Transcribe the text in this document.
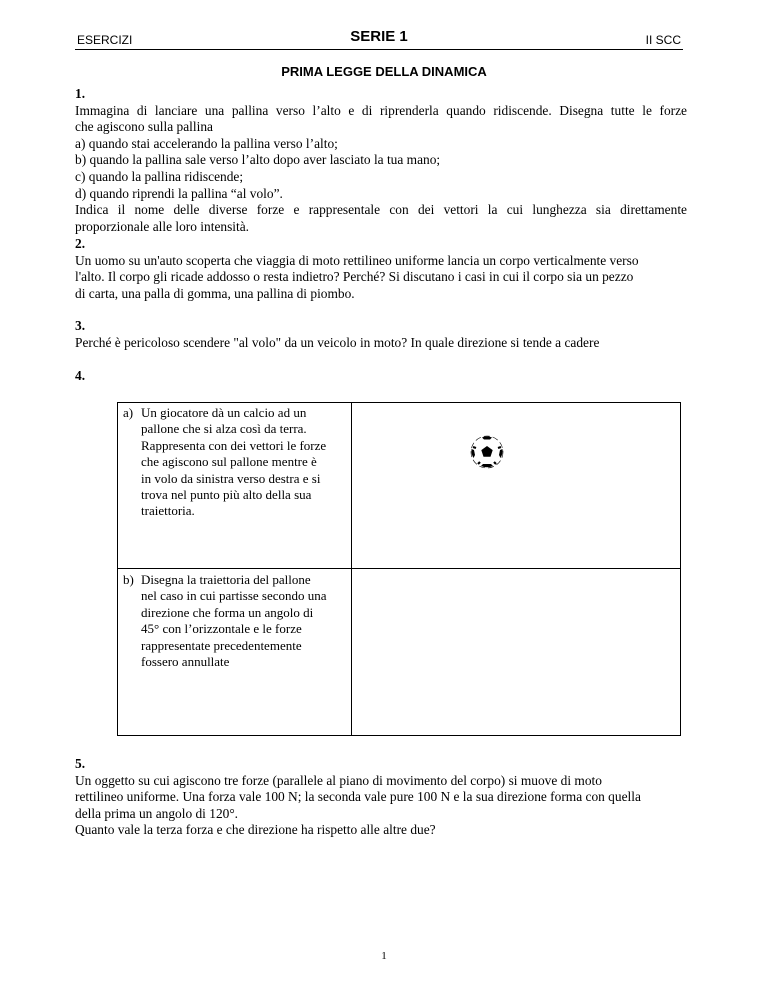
ESERCIZI	SERIE 1	II SCC
PRIMA LEGGE DELLA DINAMICA
1.
Immagina di lanciare una pallina verso l’alto e di riprenderla quando ridiscende. Disegna tutte le forze
che agiscono sulla pallina
a) quando stai accelerando la pallina verso l’alto;
b) quando la pallina sale verso l’alto dopo aver lasciato la tua mano;
c) quando la pallina ridiscende;
d) quando riprendi la pallina “al volo”.
Indica il nome delle diverse forze e rappresentale con dei vettori la cui lunghezza sia direttamente
proporzionale alle loro intensità.
2.
Un uomo su un'auto scoperta che viaggia di moto rettilineo uniforme lancia un corpo verticalmente verso
l'alto. Il corpo gli ricade addosso o resta indietro? Perché? Si discutano i casi in cui il corpo sia un pezzo
di carta, una palla di gomma, una pallina di piombo.
3.
Perché è pericoloso scendere "al volo" da un veicolo in moto? In quale direzione si tende a cadere
4.
a) Un giocatore dà un calcio ad un
pallone che si alza così da terra.
Rappresenta con dei vettori le forze
che agiscono sul pallone mentre è
in volo da sinistra verso destra e si
trova nel punto più alto della sua
traiettoria.
b) Disegna la traiettoria del pallone
nel caso in cui partisse secondo una
direzione che forma un angolo di
45° con l’orizzontale e le forze
rappresentate precedentemente
fossero annullate
5.
Un oggetto su cui agiscono tre forze (parallele al piano di movimento del corpo) si muove di moto
rettilineo uniforme. Una forza vale 100 N; la seconda vale pure 100 N e la sua direzione forma con quella
della prima un angolo di 120°.
Quanto vale la terza forza e che direzione ha rispetto alle altre due?
1
